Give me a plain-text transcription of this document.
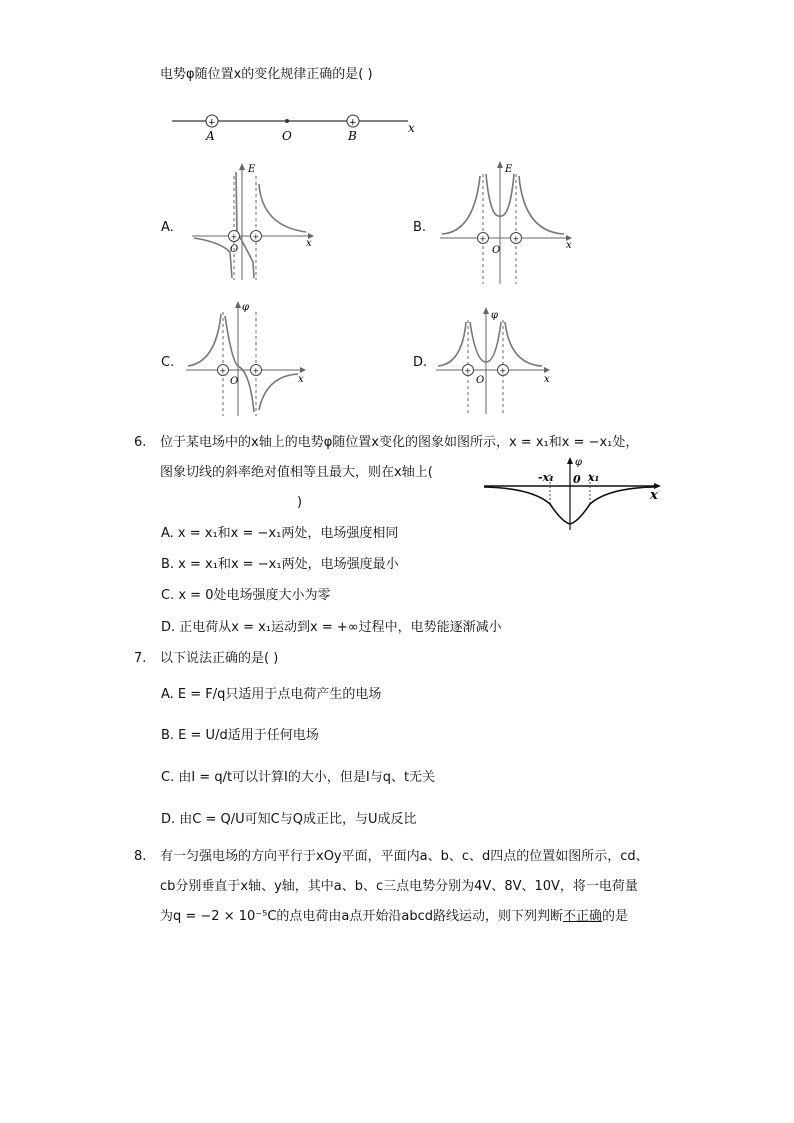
电势φ随位置x的变化规律正确的是( )
+	+
A	O	B
x
A.
+ +
O
E
x
B.
+	+
O
E
x
C.
+	+
O
φ
x
D.
+	+
O
φ
x
6. 位于某电场中的x轴上的电势φ随位置x变化的图象如图所示，x = x₁和x = −x₁处，
图象切线的斜率绝对值相等且最大，则在x轴上(
)
-x₁ 0 x₁
φ
x
A. x = x₁和x = −x₁两处，电场强度相同
B. x = x₁和x = −x₁两处，电场强度最小
C. x = 0处电场强度大小为零
D. 正电荷从x = x₁运动到x = +∞过程中，电势能逐渐减小
7. 以下说法正确的是( )
A. E = F/q只适用于点电荷产生的电场
B. E = U/d适用于任何电场
C. 由I = q/t可以计算I的大小，但是I与q、t无关
D. 由C = Q/U可知C与Q成正比，与U成反比
8. 有一匀强电场的方向平行于xOy平面，平面内a、b、c、d四点的位置如图所示，cd、
cb分别垂直于x轴、y轴，其中a、b、c三点电势分别为4V、8V、10V，将一电荷量
为q = −2 × 10⁻⁵C的点电荷由a点开始沿abcd路线运动，则下列判断不正确的是
